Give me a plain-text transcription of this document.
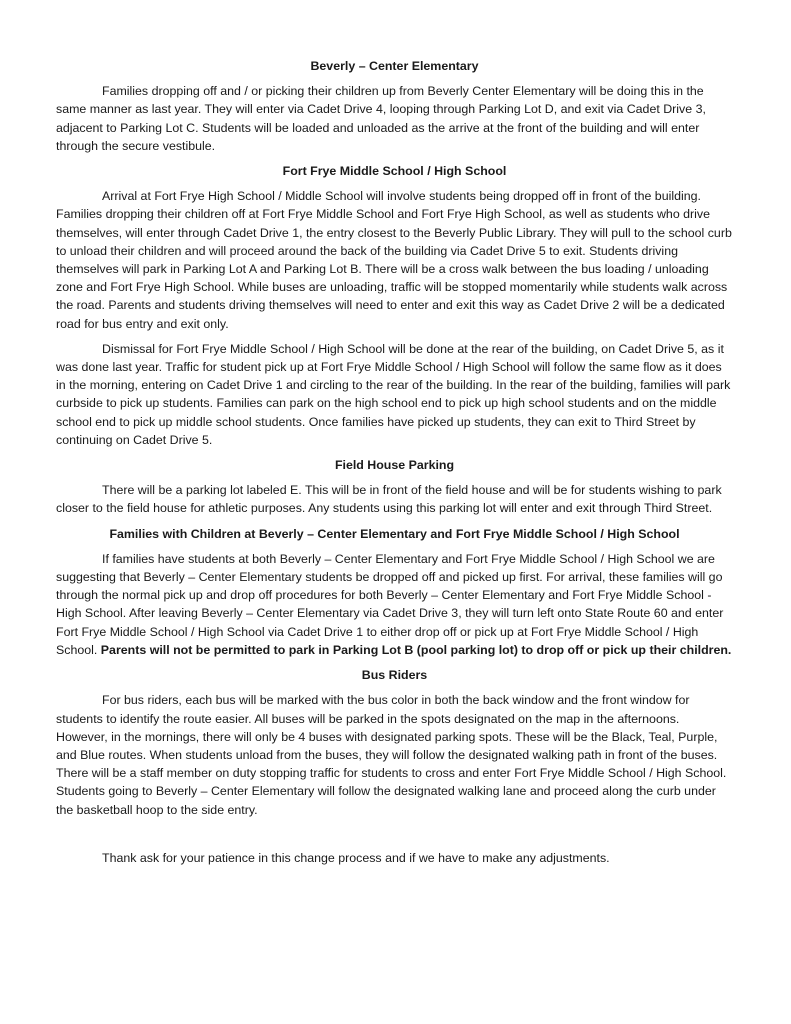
Beverly – Center Elementary

Families dropping off and / or picking their children up from Beverly Center Elementary will be doing this in the same manner as last year. They will enter via Cadet Drive 4, looping through Parking Lot D, and exit via Cadet Drive 3, adjacent to Parking Lot C. Students will be loaded and unloaded as the arrive at the front of the building and will enter through the secure vestibule.

Fort Frye Middle School / High School

Arrival at Fort Frye High School / Middle School will involve students being dropped off in front of the building. Families dropping their children off at Fort Frye Middle School and Fort Frye High School, as well as students who drive themselves, will enter through Cadet Drive 1, the entry closest to the Beverly Public Library. They will pull to the school curb to unload their children and will proceed around the back of the building via Cadet Drive 5 to exit. Students driving themselves will park in Parking Lot A and Parking Lot B. There will be a cross walk between the bus loading / unloading zone and Fort Frye High School. While buses are unloading, traffic will be stopped momentarily while students walk across the road. Parents and students driving themselves will need to enter and exit this way as Cadet Drive 2 will be a dedicated road for bus entry and exit only.

Dismissal for Fort Frye Middle School / High School will be done at the rear of the building, on Cadet Drive 5, as it was done last year. Traffic for student pick up at Fort Frye Middle School / High School will follow the same flow as it does in the morning, entering on Cadet Drive 1 and circling to the rear of the building. In the rear of the building, families will park curbside to pick up students. Families can park on the high school end to pick up high school students and on the middle school end to pick up middle school students. Once families have picked up students, they can exit to Third Street by continuing on Cadet Drive 5.

Field House Parking

There will be a parking lot labeled E. This will be in front of the field house and will be for students wishing to park closer to the field house for athletic purposes. Any students using this parking lot will enter and exit through Third Street.

Families with Children at Beverly – Center Elementary and Fort Frye Middle School / High School

If families have students at both Beverly – Center Elementary and Fort Frye Middle School / High School we are suggesting that Beverly – Center Elementary students be dropped off and picked up first. For arrival, these families will go through the normal pick up and drop off procedures for both Beverly – Center Elementary and Fort Frye Middle School - High School. After leaving Beverly – Center Elementary via Cadet Drive 3, they will turn left onto State Route 60 and enter Fort Frye Middle School / High School via Cadet Drive 1 to either drop off or pick up at Fort Frye Middle School / High School. Parents will not be permitted to park in Parking Lot B (pool parking lot) to drop off or pick up their children.

Bus Riders

For bus riders, each bus will be marked with the bus color in both the back window and the front window for students to identify the route easier. All buses will be parked in the spots designated on the map in the afternoons. However, in the mornings, there will only be 4 buses with designated parking spots. These will be the Black, Teal, Purple, and Blue routes. When students unload from the buses, they will follow the designated walking path in front of the buses. There will be a staff member on duty stopping traffic for students to cross and enter Fort Frye Middle School / High School. Students going to Beverly – Center Elementary will follow the designated walking lane and proceed along the curb under the basketball hoop to the side entry.

Thank ask for your patience in this change process and if we have to make any adjustments.
